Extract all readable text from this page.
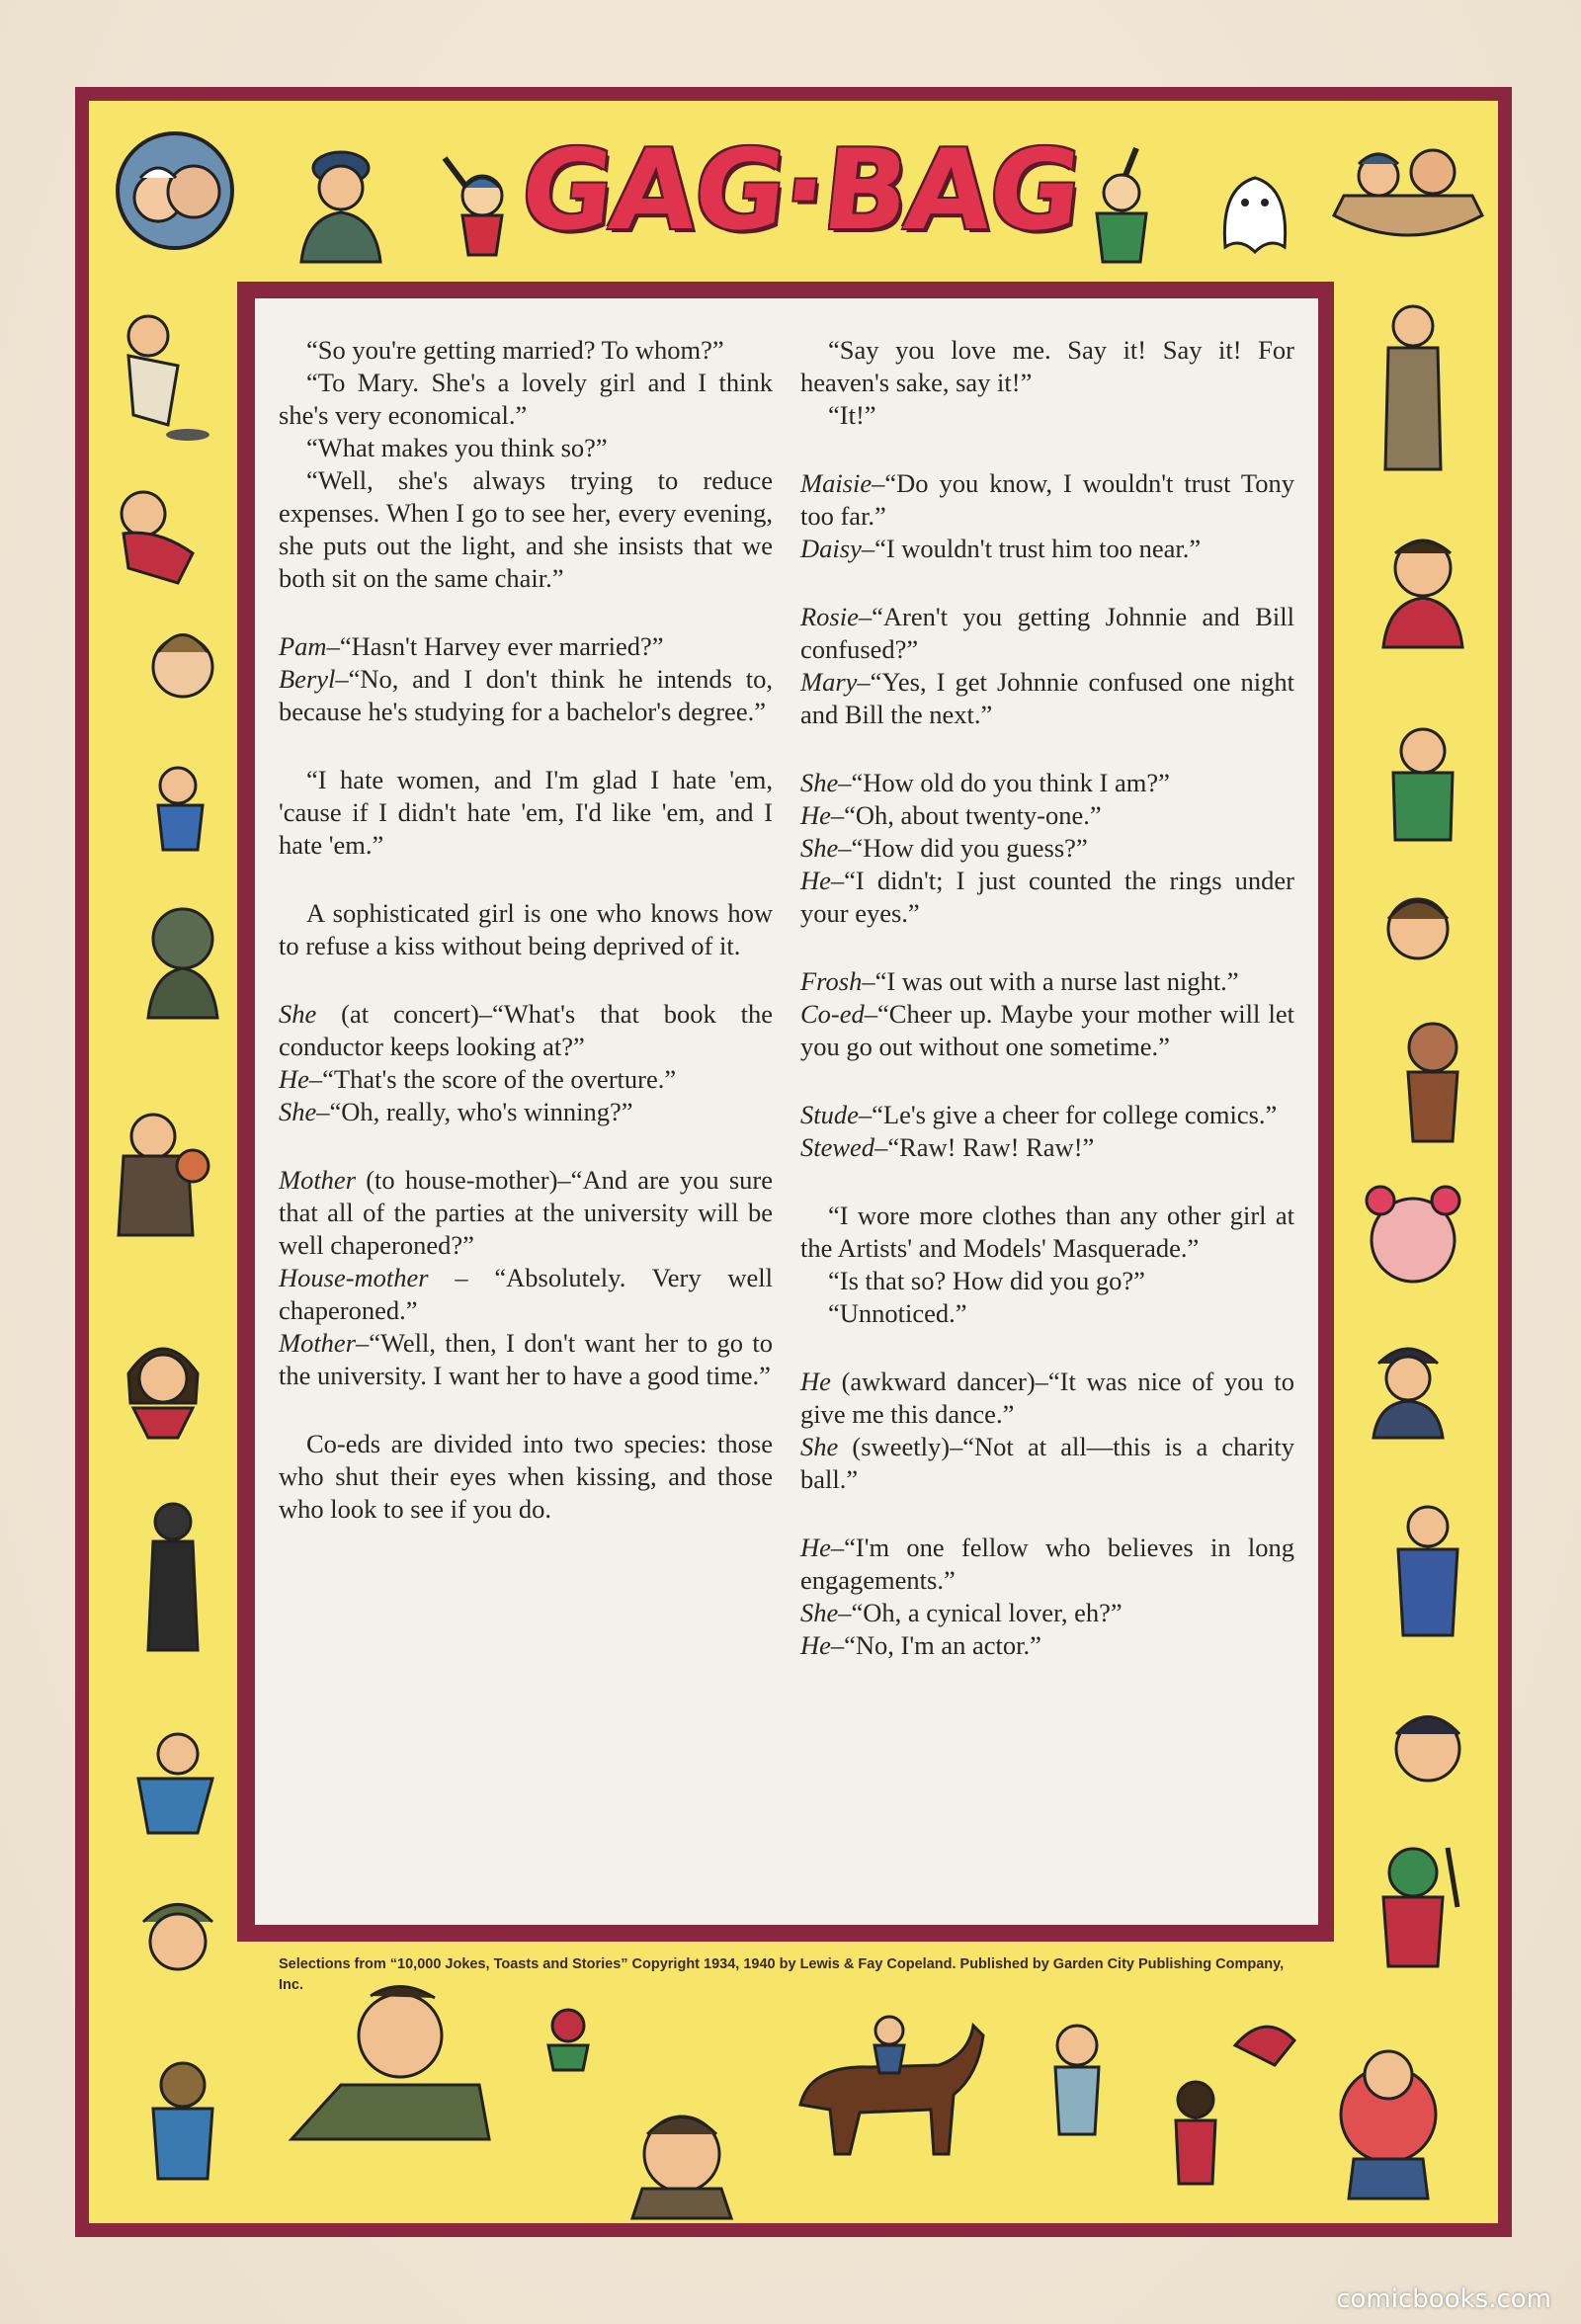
GAG·BAG

“So you're getting married? To whom?”

“To Mary. She's a lovely girl and I think she's very economical.”

“What makes you think so?”

“Well, she's always trying to reduce expenses. When I go to see her, every evening, she puts out the light, and she insists that we both sit on the same chair.”

Pam–“Hasn't Harvey ever married?”

Beryl–“No, and I don't think he intends to, because he's studying for a bachelor's degree.”

“I hate women, and I'm glad I hate 'em, 'cause if I didn't hate 'em, I'd like 'em, and I hate 'em.”

A sophisticated girl is one who knows how to refuse a kiss without being deprived of it.

She (at concert)–“What's that book the conductor keeps looking at?”

He–“That's the score of the overture.”

She–“Oh, really, who's winning?”

Mother (to house-mother)–“And are you sure that all of the parties at the university will be well chaperoned?”

House-mother – “Absolutely. Very well chaperoned.”

Mother–“Well, then, I don't want her to go to the university. I want her to have a good time.”

Co-eds are divided into two species: those who shut their eyes when kissing, and those who look to see if you do.

“Say you love me. Say it! Say it! For heaven's sake, say it!”

“It!”

Maisie–“Do you know, I wouldn't trust Tony too far.”

Daisy–“I wouldn't trust him too near.”

Rosie–“Aren't you getting Johnnie and Bill confused?”

Mary–“Yes, I get Johnnie confused one night and Bill the next.”

She–“How old do you think I am?”

He–“Oh, about twenty-one.”

She–“How did you guess?”

He–“I didn't; I just counted the rings under your eyes.”

Frosh–“I was out with a nurse last night.”

Co-ed–“Cheer up. Maybe your mother will let you go out without one sometime.”

Stude–“Le's give a cheer for college comics.”

Stewed–“Raw! Raw! Raw!”

“I wore more clothes than any other girl at the Artists' and Models' Masquerade.”

“Is that so? How did you go?”

“Unnoticed.”

He (awkward dancer)–“It was nice of you to give me this dance.”

She (sweetly)–“Not at all—this is a charity ball.”

He–“I'm one fellow who believes in long engagements.”

She–“Oh, a cynical lover, eh?”

He–“No, I'm an actor.”

Selections from “10,000 Jokes, Toasts and Stories” Copyright 1934, 1940 by Lewis & Fay Copeland. Published by Garden City Publishing Company, Inc.
comicbooks.com
